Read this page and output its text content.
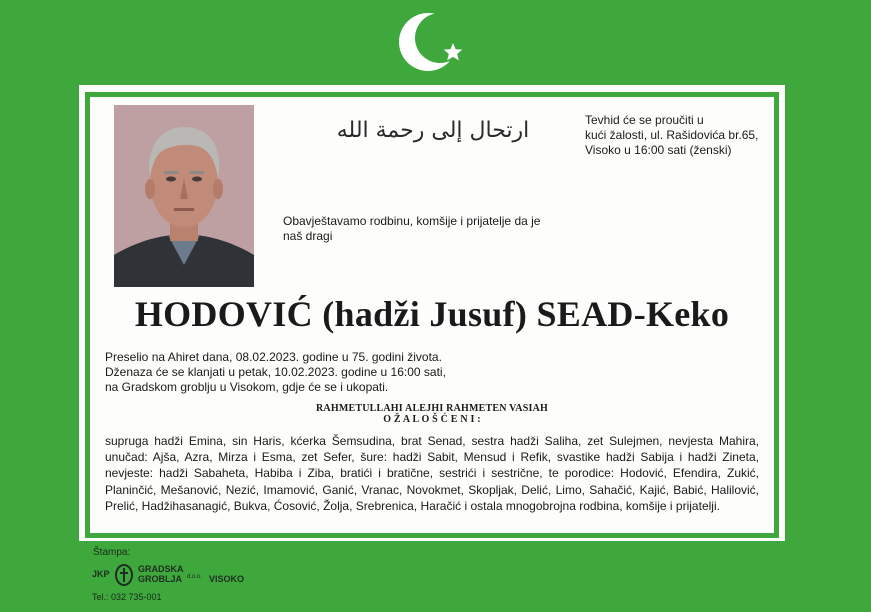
ارتحال إلى رحمة الله	Tevhid će se proučiti u
kući žalosti, ul. Rašidovića br.65,
Visoko u 16:00 sati (ženski)
Obavještavamo rodbinu, komšije i prijatelje da je
naš dragi
HODOVIĆ (hadži Jusuf) SEAD-Keko
Preselio na Ahiret dana, 08.02.2023. godine u 75. godini života.
Dženaza će se klanjati u petak, 10.02.2023. godine u 16:00 sati,
na Gradskom groblju u Visokom, gdje će se i ukopati.
RAHMETULLAHI ALEJHI RAHMETEN VASIAH
O Ž A L O Š Ć E N I :
supruga hadži Emina, sin Haris, kćerka Šemsudina, brat Senad, sestra hadži Saliha, zet Sulejmen, nevjesta Mahira, unučad: Ajša, Azra, Mirza i Esma, zet Sefer, šure: hadži Sabit, Mensud i Refik, svastike hadži Sabija i hadži Zineta, nevjeste: hadži Sabaheta, Habiba i Ziba, bratići i bratične, sestrići i sestrične, te porodice: Hodović, Efendira, Zukić, Planinčić, Mešanović, Nezić, Imamović, Ganić, Vranac, Novokmet, Skopljak, Delić, Limo, Sahačić, Kajić, Babić, Halilović, Prelić, Hadžihasanagić, Bukva, Ćosović, Žolja, Srebrenica, Haračić i ostala mnogobrojna rodbina, komšije i prijatelji.
Štampa:
JKP	GRADSKA
GROBLJA d.o.o. VISOKO
Tel.: 032 735-001
